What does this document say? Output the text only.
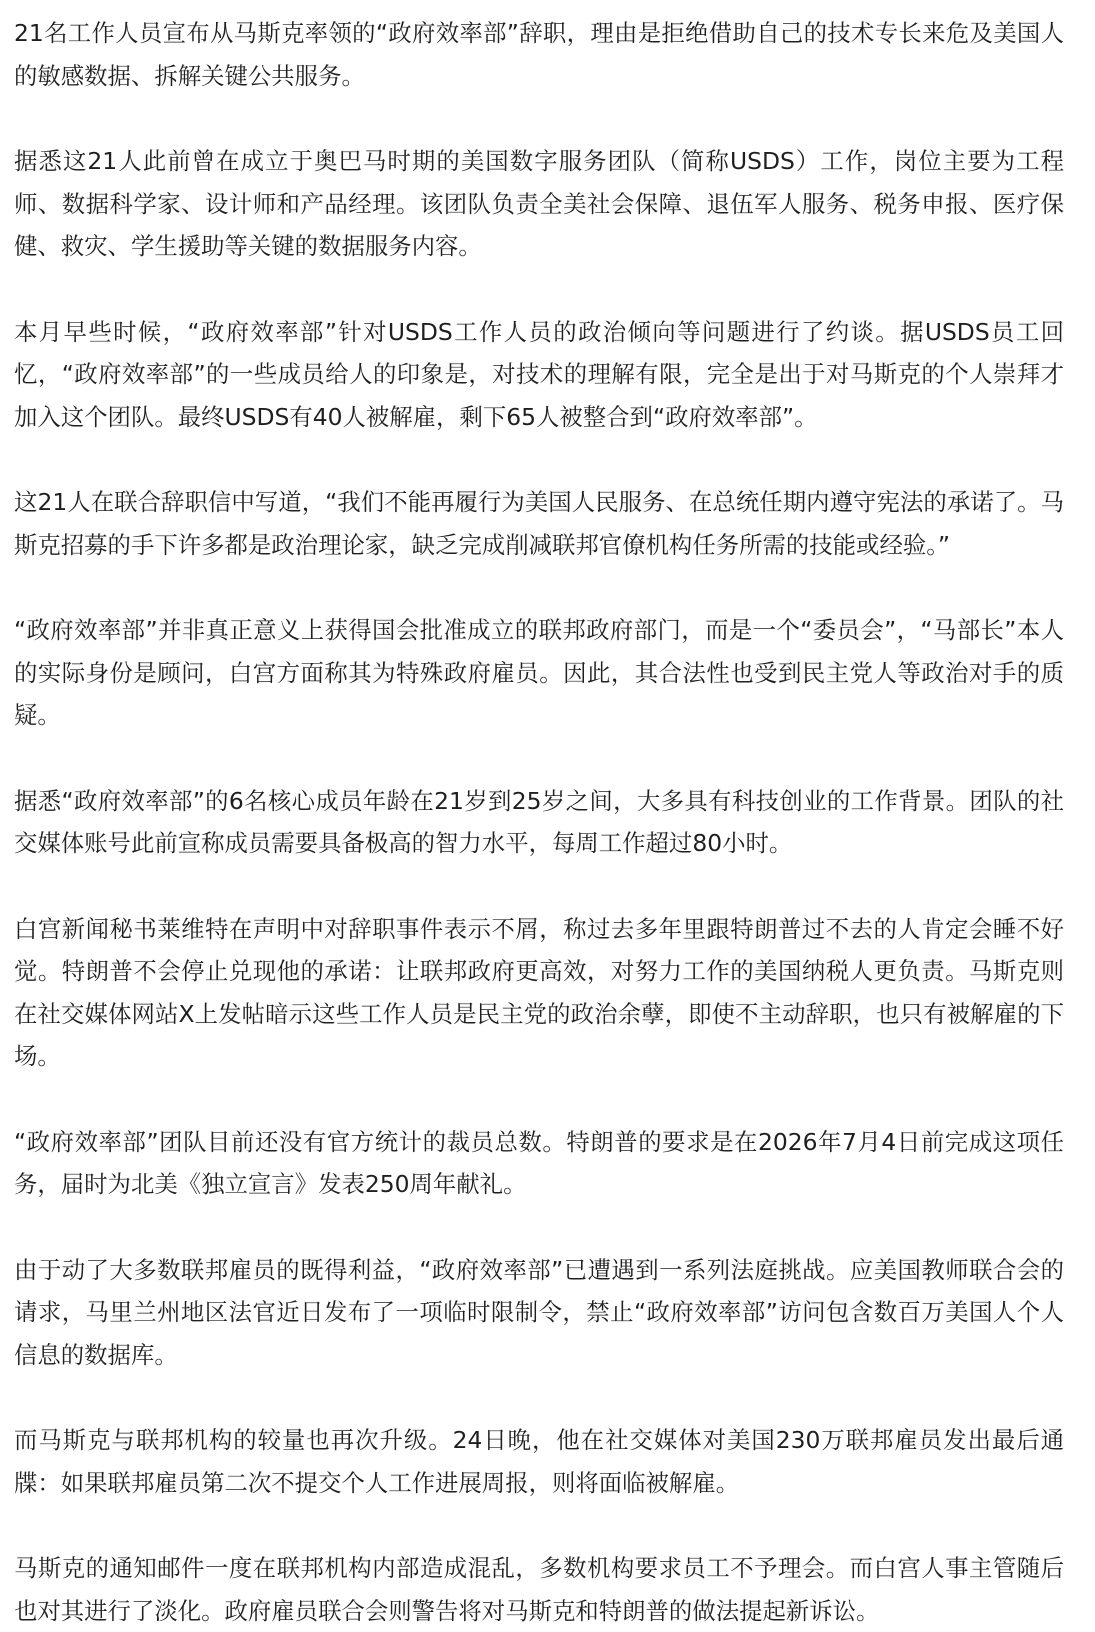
21名工作人员宣布从马斯克率领的“政府效率部”辞职，理由是拒绝借助自己的技术专长来危及美国人的敏感数据、拆解关键公共服务。

据悉这21人此前曾在成立于奥巴马时期的美国数字服务团队（简称USDS）工作，岗位主要为工程师、数据科学家、设计师和产品经理。该团队负责全美社会保障、退伍军人服务、税务申报、医疗保健、救灾、学生援助等关键的数据服务内容。

本月早些时候，“政府效率部”针对USDS工作人员的政治倾向等问题进行了约谈。据USDS员工回忆，“政府效率部”的一些成员给人的印象是，对技术的理解有限，完全是出于对马斯克的个人崇拜才加入这个团队。最终USDS有40人被解雇，剩下65人被整合到“政府效率部”。

这21人在联合辞职信中写道，“我们不能再履行为美国人民服务、在总统任期内遵守宪法的承诺了。马斯克招募的手下许多都是政治理论家，缺乏完成削减联邦官僚机构任务所需的技能或经验。”

“政府效率部”并非真正意义上获得国会批准成立的联邦政府部门，而是一个“委员会”，“马部长”本人的实际身份是顾问，白宫方面称其为特殊政府雇员。因此，其合法性也受到民主党人等政治对手的质疑。

据悉“政府效率部”的6名核心成员年龄在21岁到25岁之间，大多具有科技创业的工作背景。团队的社交媒体账号此前宣称成员需要具备极高的智力水平，每周工作超过80小时。

白宫新闻秘书莱维特在声明中对辞职事件表示不屑，称过去多年里跟特朗普过不去的人肯定会睡不好觉。特朗普不会停止兑现他的承诺：让联邦政府更高效，对努力工作的美国纳税人更负责。马斯克则在社交媒体网站X上发帖暗示这些工作人员是民主党的政治余孽，即使不主动辞职，也只有被解雇的下场。

“政府效率部”团队目前还没有官方统计的裁员总数。特朗普的要求是在2026年7月4日前完成这项任务，届时为北美《独立宣言》发表250周年献礼。

由于动了大多数联邦雇员的既得利益，“政府效率部”已遭遇到一系列法庭挑战。应美国教师联合会的请求，马里兰州地区法官近日发布了一项临时限制令，禁止“政府效率部”访问包含数百万美国人个人信息的数据库。

而马斯克与联邦机构的较量也再次升级。24日晚，他在社交媒体对美国230万联邦雇员发出最后通牒：如果联邦雇员第二次不提交个人工作进展周报，则将面临被解雇。

马斯克的通知邮件一度在联邦机构内部造成混乱，多数机构要求员工不予理会。而白宫人事主管随后也对其进行了淡化。政府雇员联合会则警告将对马斯克和特朗普的做法提起新诉讼。
